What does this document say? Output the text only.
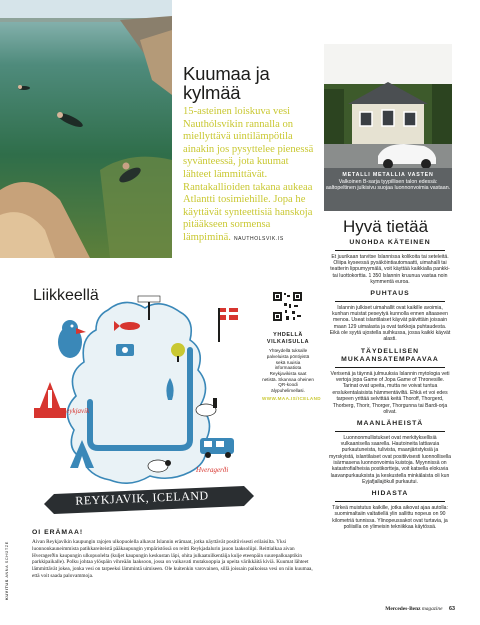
Kuumaa ja kylmää

15-asteinen loiskuva vesi Nauthólsvíkin rannalla on miellyttävä uintilämpötila ainakin jos pysyttelee pienessä syvänteessä, jota kuumat lähteet lämmittävät. Rantakallioiden takana aukeaa Atlantti tosimiehille. Jopa he käyttävät synteettisiä hanskoja pitääkseen sormensa lämpiminä. NAUTHOLSVIK.IS

METALLI METALLIA VASTEN
Valkoinen B-sarja tyypillisen talon edessä: aaltopeltinen julkisivu suojaa luonnonvoimia vastaan.
Hyvä tietää
UNOHDA KÄTEINEN

Et juurikaan tarvitse Islannissa kolikoita tai seteleitä. Oliipa kyseessä pysäköintiautomaatti, uimahalli tai teatterin lippumyymälä, voit käyttää kaikkialla pankki- tai luottokorttia. 1 350 Islannin kruunua vastaa noin kymmentä euroa.

PUHTAUS

Islannin julkiset uimahallit ovat kaikille avoimia, kunhan muistat peseytyä kunnolla ennen altaaseen menoa. Useat islantilaiset käyvät päivittäin joissain maan 129 uimalasta ja ovat tarkkoja puhtaudesta. Eikä ole syytä ujostella suihkussa, jossa kaikki käyvät alasti.

TÄYDELLISEN MUKAANSATEMPAAVAA

Verisenä ja täynnä julmuuksia Islannin mytologia veti vertoja jopa Game of Jopa Game of Thronesille. Tarinat ovat upeita, mutta ne voivat tuntua enslukentalaisista hämmentäviltä. Ehkä et voi edes tarpeen yrittää selvittää keitä Thoroff, Thorgerd, Thorberg, Thorir, Thorger, Thorgunna tai Bardi-orja olivat.

MAANLÄHEISTÄ

Luonnonmullistukset ovat merkityksellisiä vulkaanisella saarella. Hautoineita lattiavuia purkautuneista, tulivista, maanjäristyksiä ja myrskyistä, islantilaiset ovat positiivisesti luonnollisella isärmasena luonnonvoimia kuistoja. Myynnissä on katastrofialheisia postikortteja, voit katsella elokuvia laavanpurkauksista ja keskustella minkälaista oli kun Eyjafjallajökull purkautui.

HIDASTA

Tärkeä muistutus kaikille, jotka aikovat ajaa autolla: suomimaltaiin valtatiellä ylin sallittu nopeus on 90 kilometriä tunnissa. Ylinopeussakot ovat turtavia, ja poliisilla on ylimeisin tekniikkaa käytössä.

Liikkeellä
Reykjavík
Hveragerði
REYKJAVIK, ICELAND
YHDELLÄ VILKAISULLA

Yhteydellä tuksalle palveluista pöntiyistä sekä ruuisia informaatiota Reykjavikista saat netistä. Skannaa oheinen QR-koodi älypuhelimellasi.

WWW.MAA.IS/ICELAND

OI ERÄMAA!

Aivan Reykjavíkin kaupungin rajojen ulkopuolella alkavat Islannin erämaat, jotka näyttävät positiivisesti erilaisilta. Yksi luonnonkauneimmista patikkareiteistä pääkaupungin ympäristössä on reitti Reykjadalurin jauon laaksoliipi. Reittialkaa aivan Hveragerðin kaupungin ulkopuolelta (kuljet kaupungin keskustan läpi, ohita julkaatuilkentäija kulje eteenpäin suurepalkuaptikin parkkipaikalle). Polku johtaa ylöspäin vihreään laaksoon, jossa on vaikavati mutakuoppia ja upeita värikkäitä kiviä. Kuumat lähteet lämmittävät jokea, jonka vesi on tarpeeksi lämmintä uimiseen. Ole kuitenkin varovainen, sillä joissain paikoissa vesi on niin kuumaa, että voit saada palovammoja.

KUVITUS ANNA SCHÜTZE
Mercedes-Benz magazine 63
